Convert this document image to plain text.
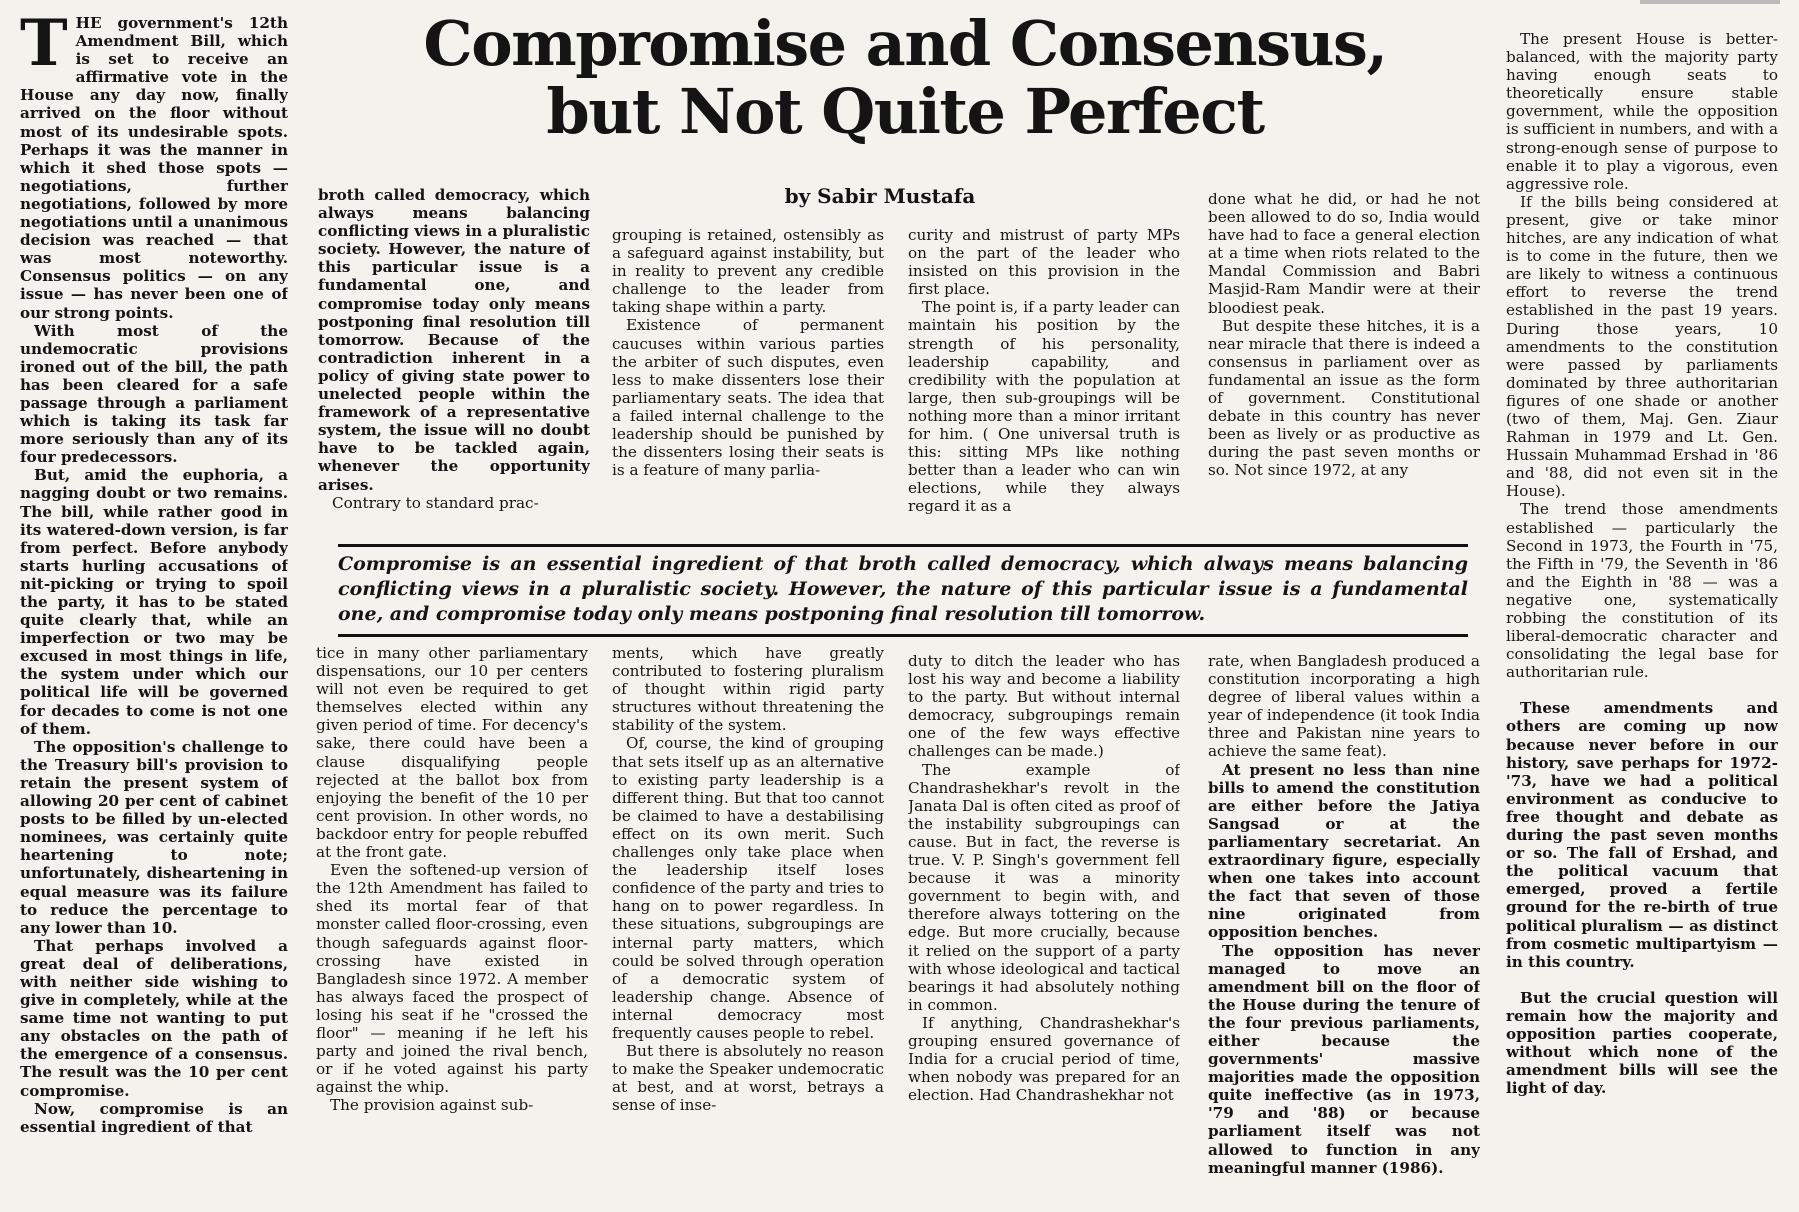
Compromise and Consensus,
but Not Quite Perfect
by Sabir Mustafa

THE government's 12th Amendment Bill, which is set to receive an affirmative vote in the House any day now, finally arrived on the floor without most of its undesirable spots. Perhaps it was the manner in which it shed those spots — negotiations, further negotiations, followed by more negotiations until a unanimous decision was reached — that was most noteworthy. Consensus politics — on any issue — has never been one of our strong points.

With most of the undemocratic provisions ironed out of the bill, the path has been cleared for a safe passage through a parliament which is taking its task far more seriously than any of its four predecessors.

But, amid the euphoria, a nagging doubt or two remains. The bill, while rather good in its watered-down version, is far from perfect. Before anybody starts hurling accusations of nit-picking or trying to spoil the party, it has to be stated quite clearly that, while an imperfection or two may be excused in most things in life, the system under which our political life will be governed for decades to come is not one of them.

The opposition's challenge to the Treasury bill's provision to retain the present system of allowing 20 per cent of cabinet posts to be filled by un-elected nominees, was certainly quite heartening to note; unfortunately, disheartening in equal measure was its failure to reduce the percentage to any lower than 10.

That perhaps involved a great deal of deliberations, with neither side wishing to give in completely, while at the same time not wanting to put any obstacles on the path of the emergence of a consensus. The result was the 10 per cent compromise.

Now, compromise is an essential ingredient of that

broth called democracy, which always means balancing conflicting views in a pluralistic society. However, the nature of this particular issue is a fundamental one, and compromise today only means postponing final resolution till tomorrow. Because of the contradiction inherent in a policy of giving state power to unelected people within the framework of a representative system, the issue will no doubt have to be tackled again, whenever the opportunity arises.

Contrary to standard prac-

grouping is retained, ostensibly as a safeguard against instability, but in reality to prevent any credible challenge to the leader from taking shape within a party.

Existence of permanent caucuses within various parties the arbiter of such disputes, even less to make dissenters lose their parliamentary seats. The idea that a failed internal challenge to the leadership should be punished by the dissenters losing their seats is is a feature of many parlia-

curity and mistrust of party MPs on the part of the leader who insisted on this provision in the first place.

The point is, if a party leader can maintain his position by the strength of his personality, leadership capability, and credibility with the population at large, then sub-groupings will be nothing more than a minor irritant for him. ( One universal truth is this: sitting MPs like nothing better than a leader who can win elections, while they always regard it as a

done what he did, or had he not been allowed to do so, India would have had to face a general election at a time when riots related to the Mandal Commission and Babri Masjid-Ram Mandir were at their bloodiest peak.

But despite these hitches, it is a near miracle that there is indeed a consensus in parliament over as fundamental an issue as the form of government. Constitutional debate in this country has never been as lively or as productive as during the past seven months or so. Not since 1972, at any

Compromise is an essential ingredient of that broth called democracy, which always means balancing conflicting views in a pluralistic society. However, the nature of this particular issue is a fundamental one, and compromise today only means postponing final resolution till tomorrow.

tice in many other parliamentary dispensations, our 10 per centers will not even be required to get themselves elected within any given period of time. For decency's sake, there could have been a clause disqualifying people rejected at the ballot box from enjoying the benefit of the 10 per cent provision. In other words, no backdoor entry for people rebuffed at the front gate.

Even the softened-up version of the 12th Amendment has failed to shed its mortal fear of that monster called floor-crossing, even though safeguards against floor-crossing have existed in Bangladesh since 1972. A member has always faced the prospect of losing his seat if he "crossed the floor" — meaning if he left his party and joined the rival bench, or if he voted against his party against the whip.

The provision against sub-

ments, which have greatly contributed to fostering pluralism of thought within rigid party structures without threatening the stability of the system.

Of, course, the kind of grouping that sets itself up as an alternative to existing party leadership is a different thing. But that too cannot be claimed to have a destabilising effect on its own merit. Such challenges only take place when the leadership itself loses confidence of the party and tries to hang on to power regardless. In these situations, subgroupings are internal party matters, which could be solved through operation of a democratic system of leadership change. Absence of internal democracy most frequently causes people to rebel.

But there is absolutely no reason to make the Speaker undemocratic at best, and at worst, betrays a sense of inse-

duty to ditch the leader who has lost his way and become a liability to the party. But without internal democracy, subgroupings remain one of the few ways effective challenges can be made.)

The example of Chandrashekhar's revolt in the Janata Dal is often cited as proof of the instability subgroupings can cause. But in fact, the reverse is true. V. P. Singh's government fell because it was a minority government to begin with, and therefore always tottering on the edge. But more crucially, because it relied on the support of a party with whose ideological and tactical bearings it had absolutely nothing in common.

If anything, Chandrashekhar's grouping ensured governance of India for a crucial period of time, when nobody was prepared for an election. Had Chandrashekhar not

rate, when Bangladesh produced a constitution incorporating a high degree of liberal values within a year of independence (it took India three and Pakistan nine years to achieve the same feat).

At present no less than nine bills to amend the constitution are either before the Jatiya Sangsad or at the parliamentary secretariat. An extraordinary figure, especially when one takes into account the fact that seven of those nine originated from opposition benches.

The opposition has never managed to move an amendment bill on the floor of the House during the tenure of the four previous parliaments, either because the governments' massive majorities made the opposition quite ineffective (as in 1973, '79 and '88) or because parliament itself was not allowed to function in any meaningful manner (1986).

The present House is better-balanced, with the majority party having enough seats to theoretically ensure stable government, while the opposition is sufficient in numbers, and with a strong-enough sense of purpose to enable it to play a vigorous, even aggressive role.

If the bills being considered at present, give or take minor hitches, are any indication of what is to come in the future, then we are likely to witness a continuous effort to reverse the trend established in the past 19 years. During those years, 10 amendments to the constitution were passed by parliaments dominated by three authoritarian figures of one shade or another (two of them, Maj. Gen. Ziaur Rahman in 1979 and Lt. Gen. Hussain Muhammad Ershad in '86 and '88, did not even sit in the House).

The trend those amendments established — particularly the Second in 1973, the Fourth in '75, the Fifth in '79, the Seventh in '86 and the Eighth in '88 — was a negative one, systematically robbing the constitution of its liberal-democratic character and consolidating the legal base for authoritarian rule.

These amendments and others are coming up now because never before in our history, save perhaps for 1972-'73, have we had a political environment as conducive to free thought and debate as during the past seven months or so. The fall of Ershad, and the political vacuum that emerged, proved a fertile ground for the re-birth of true political pluralism — as distinct from cosmetic multipartyism — in this country.

But the crucial question will remain how the majority and opposition parties cooperate, without which none of the amendment bills will see the light of day.
